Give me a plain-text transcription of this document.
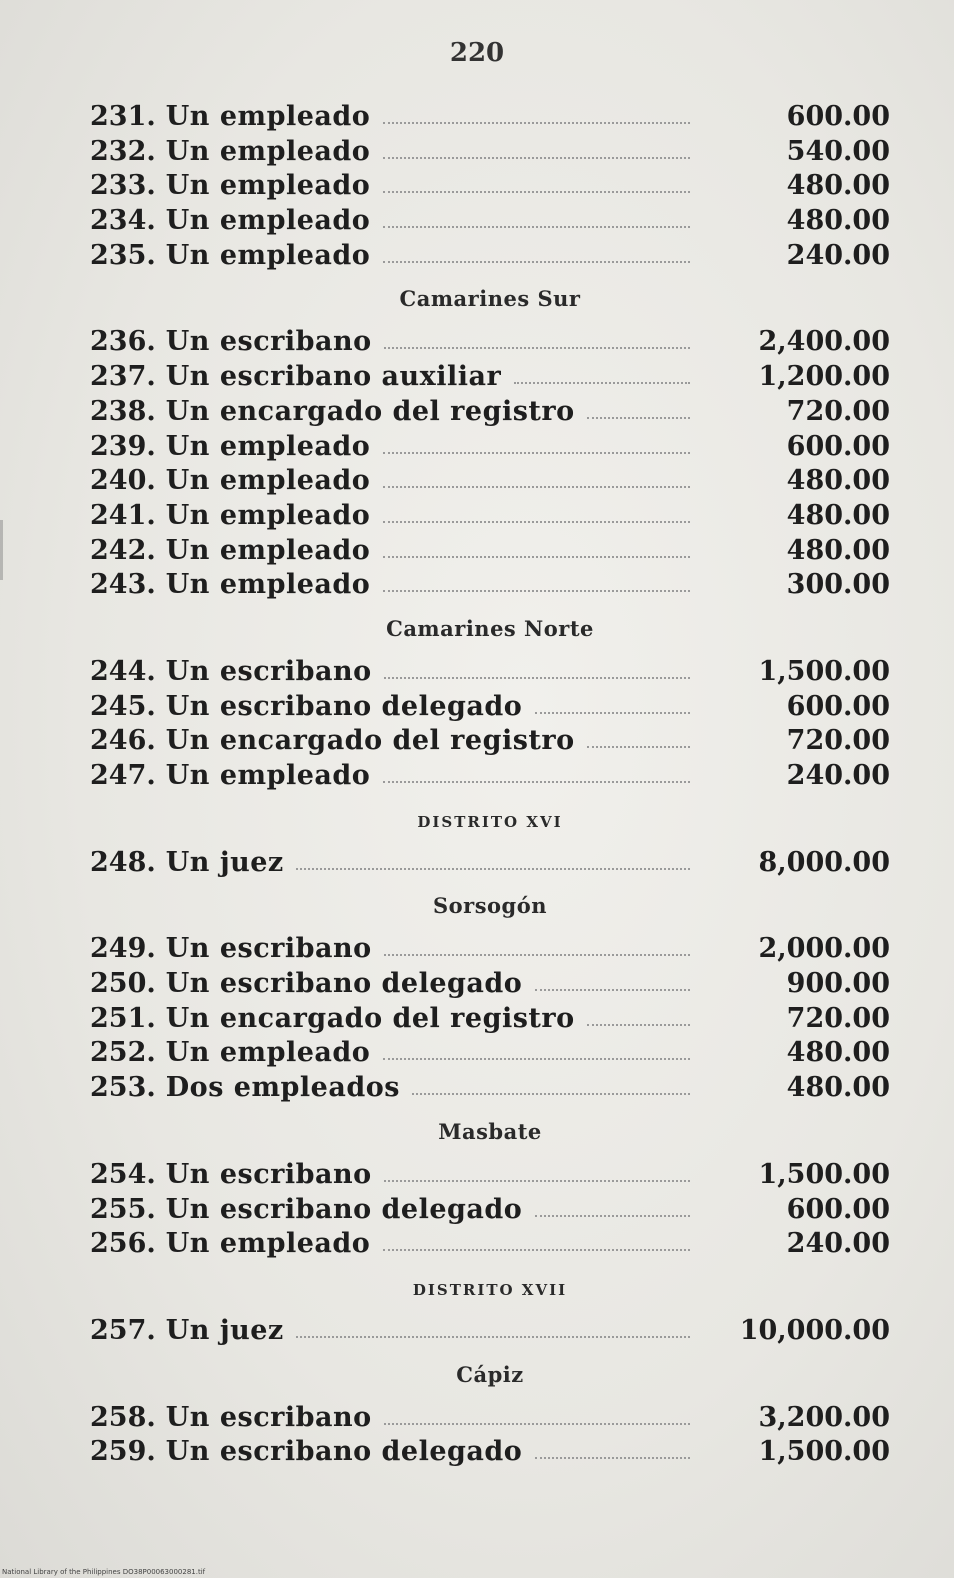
220
231. Un empleado	600.00
232. Un empleado	540.00
233. Un empleado	480.00
234. Un empleado	480.00
235. Un empleado	240.00
Camarines Sur
236. Un escribano	2,400.00
237. Un escribano auxiliar	1,200.00
238. Un encargado del registro	720.00
239. Un empleado	600.00
240. Un empleado	480.00
241. Un empleado	480.00
242. Un empleado	480.00
243. Un empleado	300.00
Camarines Norte
244. Un escribano	1,500.00
245. Un escribano delegado	600.00
246. Un encargado del registro	720.00
247. Un empleado	240.00
DISTRITO XVI
248. Un juez	8,000.00
Sorsogón
249. Un escribano	2,000.00
250. Un escribano delegado	900.00
251. Un encargado del registro	720.00
252. Un empleado	480.00
253. Dos empleados	480.00
Masbate
254. Un escribano	1,500.00
255. Un escribano delegado	600.00
256. Un empleado	240.00
DISTRITO XVII
257. Un juez	10,000.00
Cápiz
258. Un escribano	3,200.00
259. Un escribano delegado	1,500.00
National Library of the Philippines DO38P00063000281.tif
